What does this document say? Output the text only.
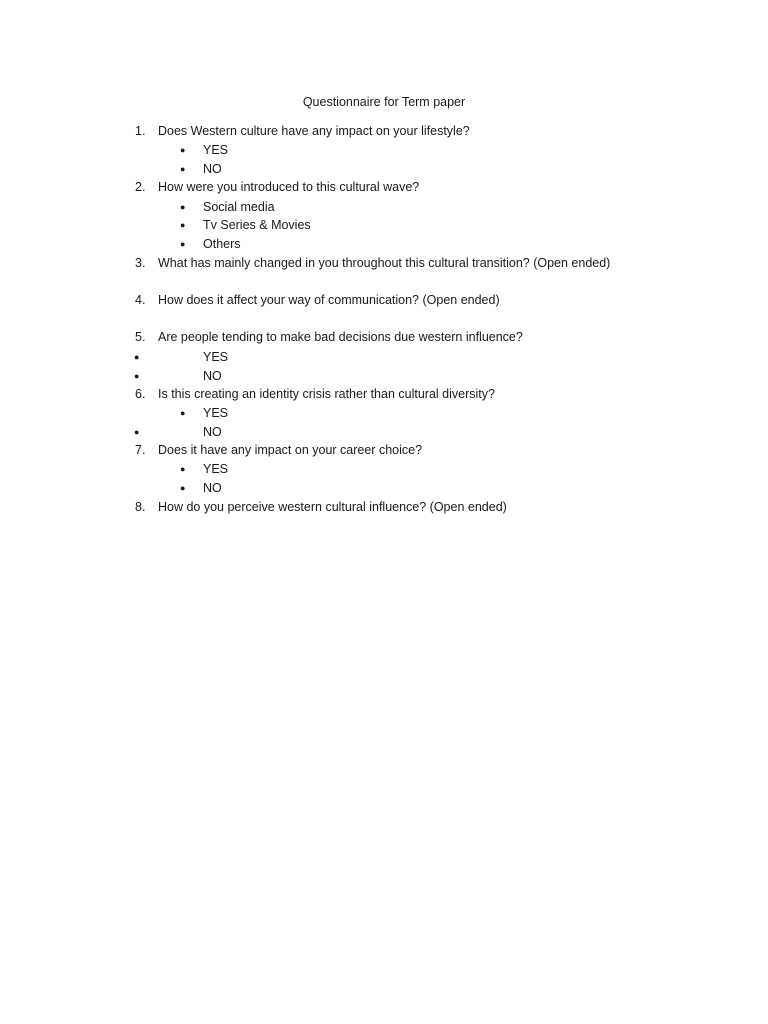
Questionnaire for Term paper
1.	Does Western culture have any impact on your lifestyle?
● YES
● NO
2.	How were you introduced to this cultural wave?
● Social media
● Tv Series & Movies
● Others
3.	What has mainly changed in you throughout this cultural transition? (Open ended)
4.	How does it affect your way of communication? (Open ended)
5.	Are people tending to make bad decisions due western influence?
●	YES
●	NO
6.	Is this creating an identity crisis rather than cultural diversity?
● YES
●	NO
7.	Does it have any impact on your career choice?
● YES
● NO
8.	How do you perceive western cultural influence? (Open ended)
